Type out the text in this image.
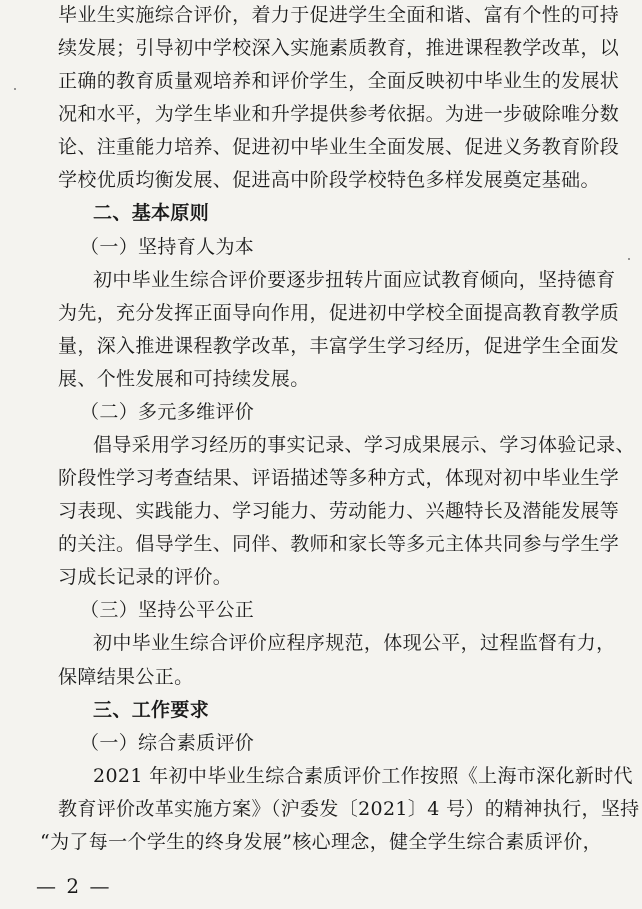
毕业生实施综合评价，着力于促进学生全面和谐、富有个性的可持
续发展；引导初中学校深入实施素质教育，推进课程教学改革，以
正确的教育质量观培养和评价学生，全面反映初中毕业生的发展状
况和水平，为学生毕业和升学提供参考依据。为进一步破除唯分数
论、注重能力培养、促进初中毕业生全面发展、促进义务教育阶段
学校优质均衡发展、促进高中阶段学校特色多样发展奠定基础。
二、基本原则
（一）坚持育人为本
初中毕业生综合评价要逐步扭转片面应试教育倾向，坚持德育
为先，充分发挥正面导向作用，促进初中学校全面提高教育教学质
量，深入推进课程教学改革，丰富学生学习经历，促进学生全面发
展、个性发展和可持续发展。
（二）多元多维评价
倡导采用学习经历的事实记录、学习成果展示、学习体验记录、
阶段性学习考查结果、评语描述等多种方式，体现对初中毕业生学
习表现、实践能力、学习能力、劳动能力、兴趣特长及潜能发展等
的关注。倡导学生、同伴、教师和家长等多元主体共同参与学生学
习成长记录的评价。
（三）坚持公平公正
初中毕业生综合评价应程序规范，体现公平，过程监督有力，
保障结果公正。
三、工作要求
（一）综合素质评价
2021 年初中毕业生综合素质评价工作按照《上海市深化新时代
教育评价改革实施方案》（沪委发〔2021〕4 号）的精神执行，坚持
“为了每一个学生的终身发展”核心理念，健全学生综合素质评价，
— 2 —
